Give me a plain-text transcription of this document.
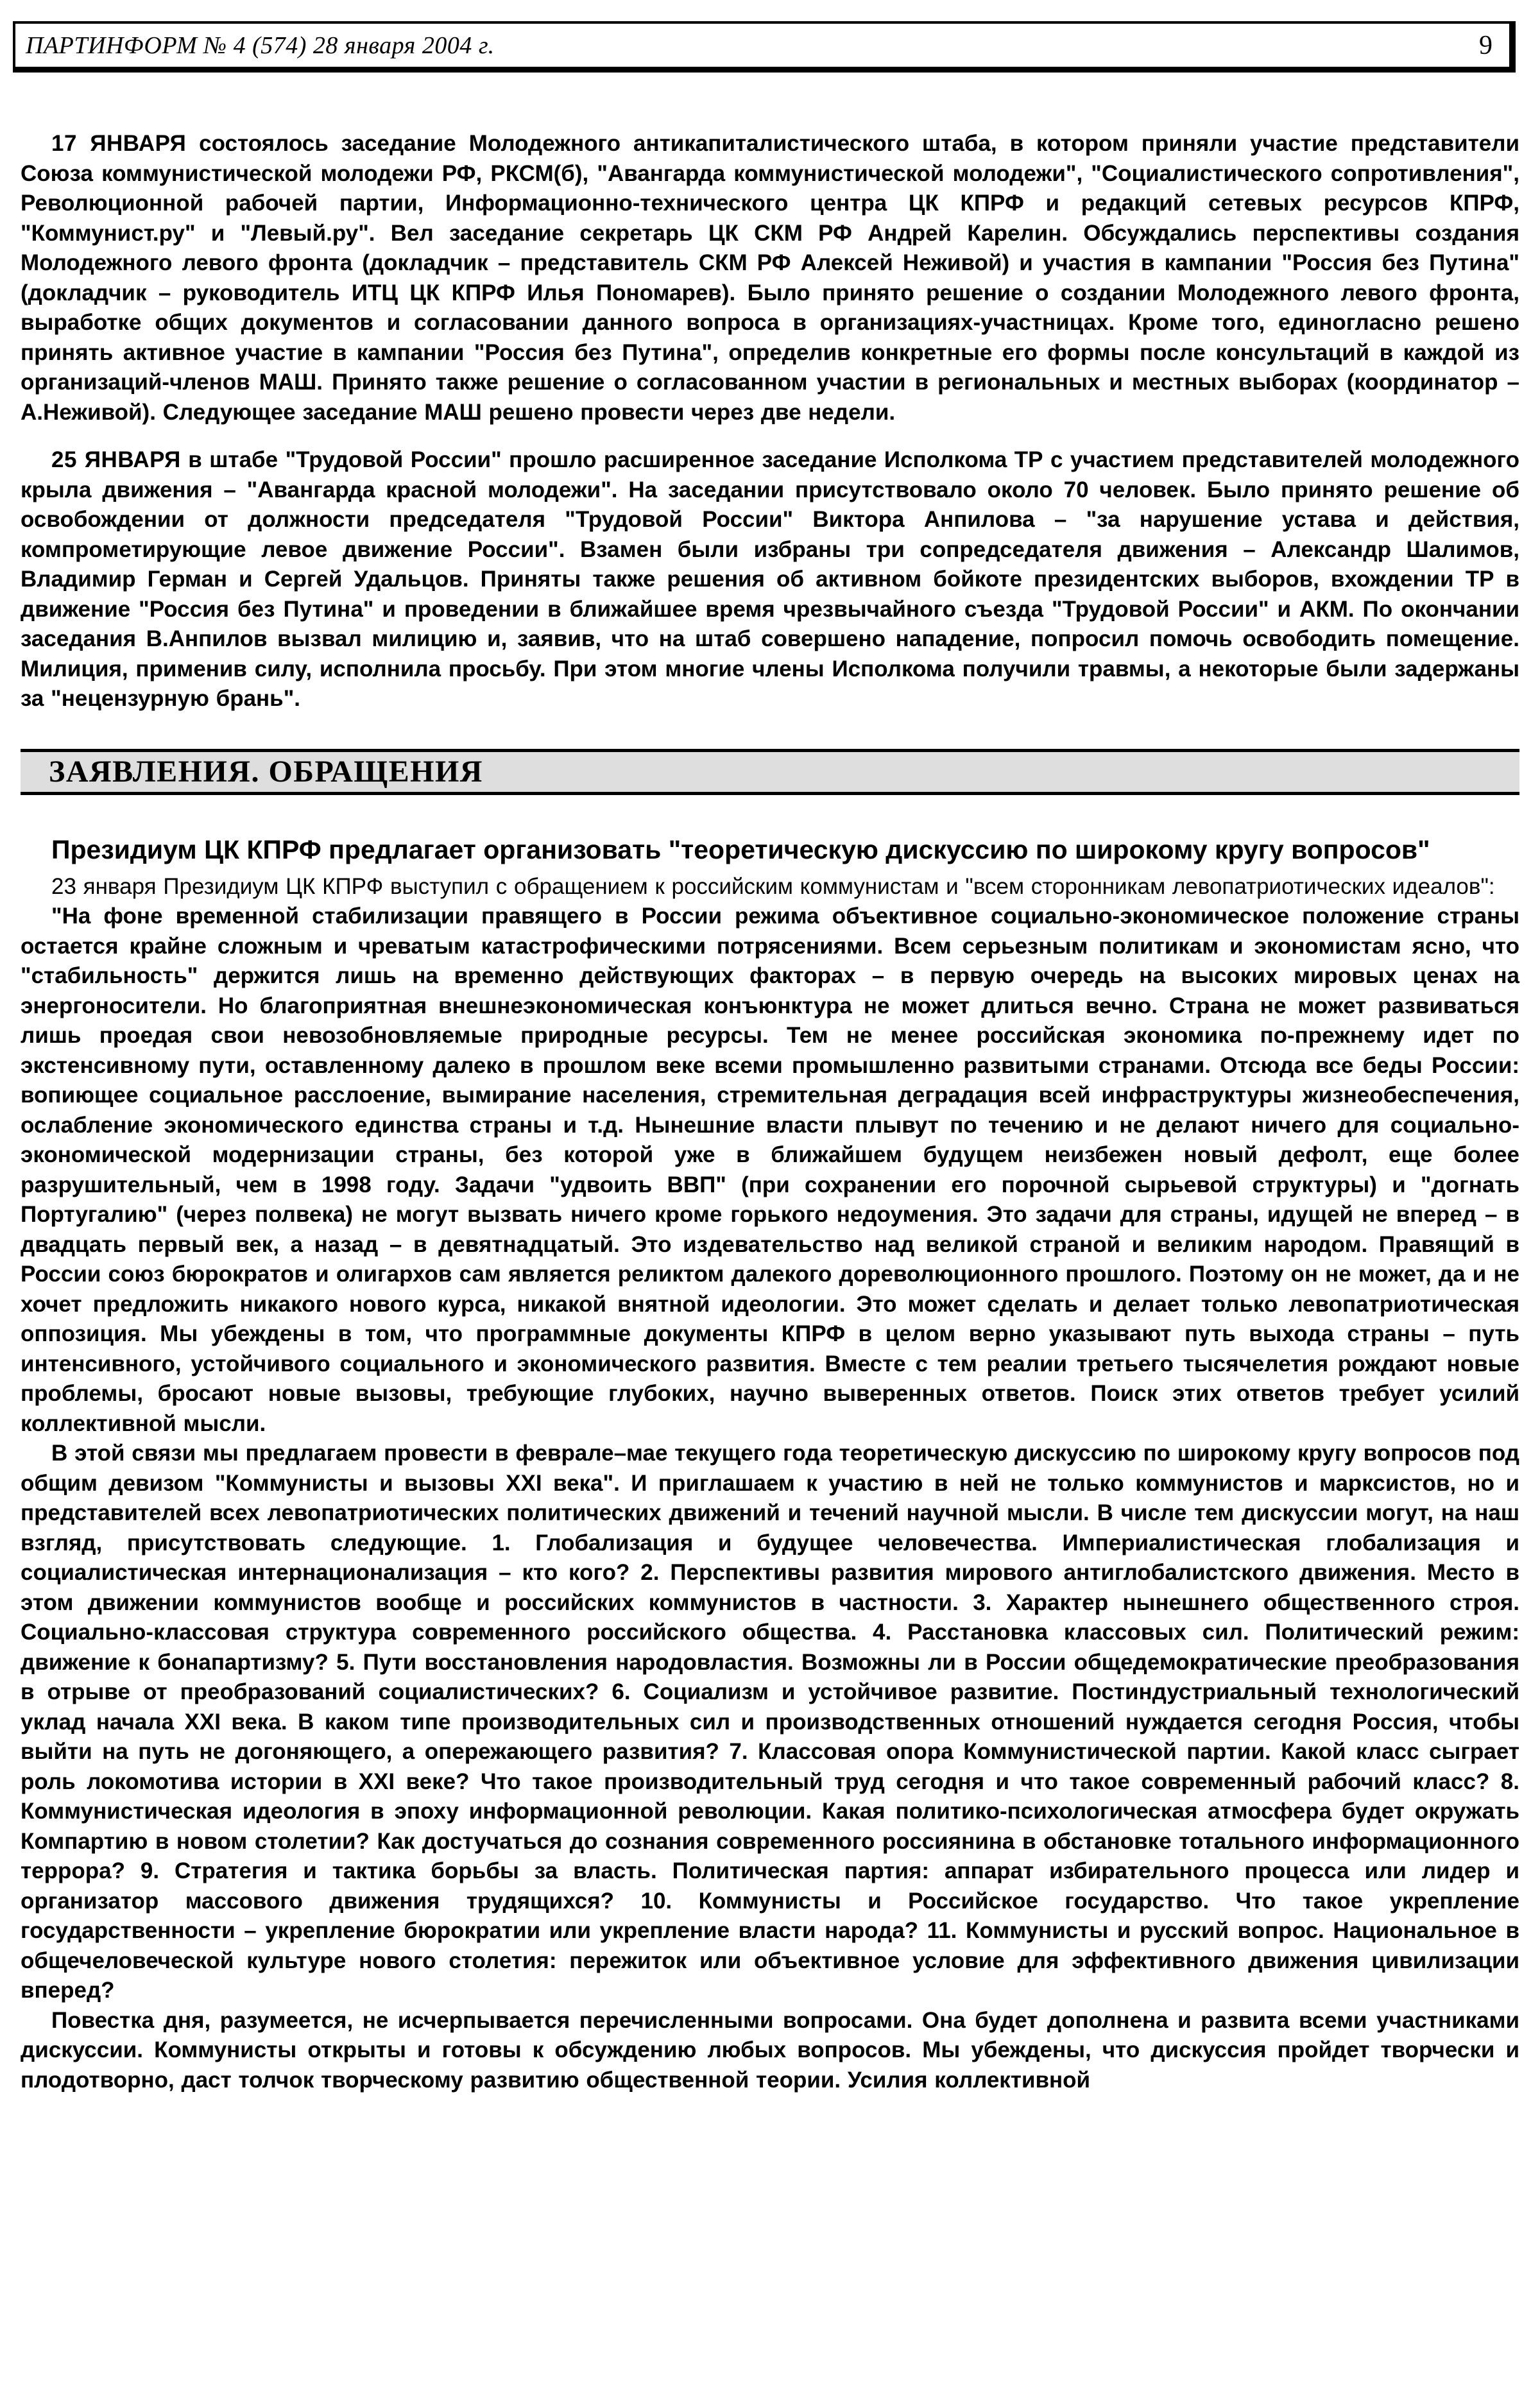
ПАРТИНФОРМ № 4 (574) 28 января 2004 г.	9

17 ЯНВАРЯ состоялось заседание Молодежного антикапиталистического штаба, в котором приняли участие представители Союза коммунистической молодежи РФ, РКСМ(б), "Авангарда коммунистической молодежи", "Социалистического сопротивления", Революционной рабочей партии, Информационно-технического центра ЦК КПРФ и редакций сетевых ресурсов КПРФ, "Коммунист.ру" и "Левый.ру". Вел заседание секретарь ЦК СКМ РФ Андрей Карелин. Обсуждались перспективы создания Молодежного левого фронта (докладчик – представитель СКМ РФ Алексей Неживой) и участия в кампании "Россия без Путина" (докладчик – руководитель ИТЦ ЦК КПРФ Илья Пономарев). Было принято решение о создании Молодежного левого фронта, выработке общих документов и согласовании данного вопроса в организациях-участницах. Кроме того, единогласно решено принять активное участие в кампании "Россия без Путина", определив конкретные его формы после консультаций в каждой из организаций-членов МАШ. Принято также решение о согласованном участии в региональных и местных выборах (координатор – А.Неживой). Следующее заседание МАШ решено провести через две недели.

25 ЯНВАРЯ в штабе "Трудовой России" прошло расширенное заседание Исполкома ТР с участием представителей молодежного крыла движения – "Авангарда красной молодежи". На заседании присутствовало около 70 человек. Было принято решение об освобождении от должности председателя "Трудовой России" Виктора Анпилова – "за нарушение устава и действия, компрометирующие левое движение России". Взамен были избраны три сопредседателя движения – Александр Шалимов, Владимир Герман и Сергей Удальцов. Приняты также решения об активном бойкоте президентских выборов, вхождении ТР в движение "Россия без Путина" и проведении в ближайшее время чрезвычайного съезда "Трудовой России" и АКМ. По окончании заседания В.Анпилов вызвал милицию и, заявив, что на штаб совершено нападение, попросил помочь освободить помещение. Милиция, применив силу, исполнила просьбу. При этом многие члены Исполкома получили травмы, а некоторые были задержаны за "нецензурную брань".

ЗАЯВЛЕНИЯ. ОБРАЩЕНИЯ
Президиум ЦК КПРФ предлагает организовать "теоретическую дискуссию по широкому кругу вопросов"

23 января Президиум ЦК КПРФ выступил с обращением к российским коммунистам и "всем сторонникам левопатриотических идеалов":

"На фоне временной стабилизации правящего в России режима объективное социально-экономическое положение страны остается крайне сложным и чреватым катастрофическими потрясениями. Всем серьезным политикам и экономистам ясно, что "стабильность" держится лишь на временно действующих факторах – в первую очередь на высоких мировых ценах на энергоносители. Но благоприятная внешнеэкономическая конъюнктура не может длиться вечно. Страна не может развиваться лишь проедая свои невозобновляемые природные ресурсы. Тем не менее российская экономика по-прежнему идет по экстенсивному пути, оставленному далеко в прошлом веке всеми промышленно развитыми странами. Отсюда все беды России: вопиющее социальное расслоение, вымирание населения, стремительная деградация всей инфраструктуры жизнеобеспечения, ослабление экономического единства страны и т.д. Нынешние власти плывут по течению и не делают ничего для социально-экономической модернизации страны, без которой уже в ближайшем будущем неизбежен новый дефолт, еще более разрушительный, чем в 1998 году. Задачи "удвоить ВВП" (при сохранении его порочной сырьевой структуры) и "догнать Португалию" (через полвека) не могут вызвать ничего кроме горького недоумения. Это задачи для страны, идущей не вперед – в двадцать первый век, а назад – в девятнадцатый. Это издевательство над великой страной и великим народом. Правящий в России союз бюрократов и олигархов сам является реликтом далекого дореволюционного прошлого. Поэтому он не может, да и не хочет предложить никакого нового курса, никакой внятной идеологии. Это может сделать и делает только левопатриотическая оппозиция. Мы убеждены в том, что программные документы КПРФ в целом верно указывают путь выхода страны – путь интенсивного, устойчивого социального и экономического развития. Вместе с тем реалии третьего тысячелетия рождают новые проблемы, бросают новые вызовы, требующие глубоких, научно выверенных ответов. Поиск этих ответов требует усилий коллективной мысли.

В этой связи мы предлагаем провести в феврале–мае текущего года теоретическую дискуссию по широкому кругу вопросов под общим девизом "Коммунисты и вызовы XXI века". И приглашаем к участию в ней не только коммунистов и марксистов, но и представителей всех левопатриотических политических движений и течений научной мысли. В числе тем дискуссии могут, на наш взгляд, присутствовать следующие. 1. Глобализация и будущее человечества. Империалистическая глобализация и социалистическая интернационализация – кто кого? 2. Перспективы развития мирового антиглобалистского движения. Место в этом движении коммунистов вообще и российских коммунистов в частности. 3. Характер нынешнего общественного строя. Социально-классовая структура современного российского общества. 4. Расстановка классовых сил. Политический режим: движение к бонапартизму? 5. Пути восстановления народовластия. Возможны ли в России общедемократические преобразования в отрыве от преобразований социалистических? 6. Социализм и устойчивое развитие. Постиндустриальный технологический уклад начала XXI века. В каком типе производительных сил и производственных отношений нуждается сегодня Россия, чтобы выйти на путь не догоняющего, а опережающего развития? 7. Классовая опора Коммунистической партии. Какой класс сыграет роль локомотива истории в XXI веке? Что такое производительный труд сегодня и что такое современный рабочий класс? 8. Коммунистическая идеология в эпоху информационной революции. Какая политико-психологическая атмосфера будет окружать Компартию в новом столетии? Как достучаться до сознания современного россиянина в обстановке тотального информационного террора? 9. Стратегия и тактика борьбы за власть. Политическая партия: аппарат избирательного процесса или лидер и организатор массового движения трудящихся? 10. Коммунисты и Российское государство. Что такое укрепление государственности – укрепление бюрократии или укрепление власти народа? 11. Коммунисты и русский вопрос. Национальное в общечеловеческой культуре нового столетия: пережиток или объективное условие для эффективного движения цивилизации вперед?

Повестка дня, разумеется, не исчерпывается перечисленными вопросами. Она будет дополнена и развита всеми участниками дискуссии. Коммунисты открыты и готовы к обсуждению любых вопросов. Мы убеждены, что дискуссия пройдет творчески и плодотворно, даст толчок творческому развитию общественной теории. Усилия коллективной
